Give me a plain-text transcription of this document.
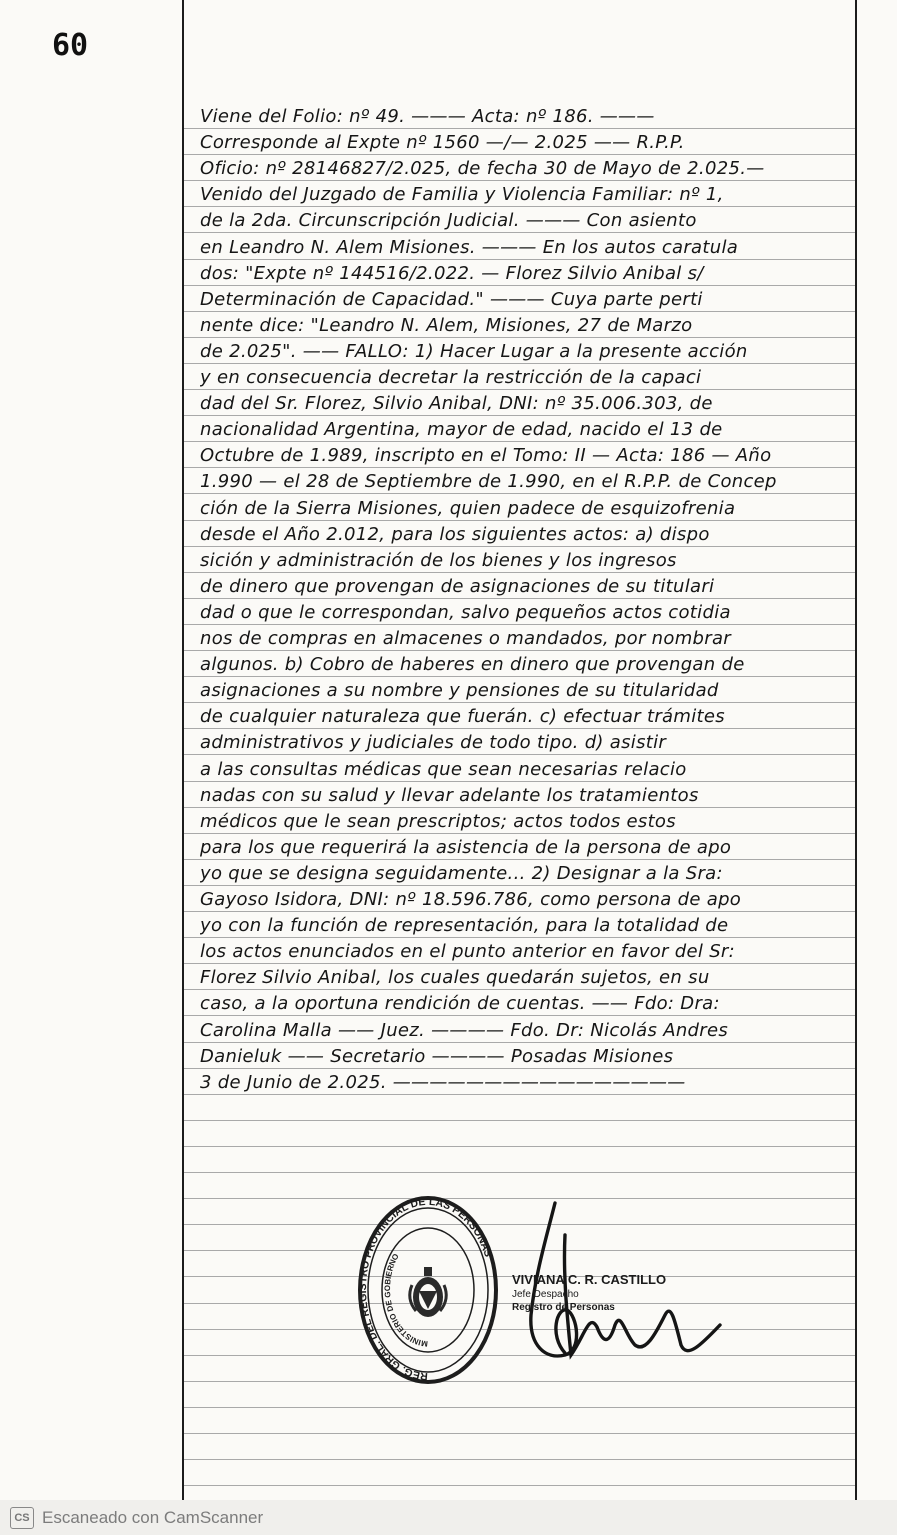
60
Viene del Folio: nº 49. ——— Acta: nº 186. ———
Corresponde al Expte nº 1560 —/— 2.025 —— R.P.P.
Oficio: nº 28146827/2.025, de fecha 30 de Mayo de 2.025.—
Venido del Juzgado de Familia y Violencia Familiar: nº 1,
de la 2da. Circunscripción Judicial. ——— Con asiento
en Leandro N. Alem Misiones. ——— En los autos caratula
dos: "Expte nº 144516/2.022. — Florez Silvio Anibal s/
Determinación de Capacidad." ——— Cuya parte perti
nente dice: "Leandro N. Alem, Misiones, 27 de Marzo
de 2.025". —— FALLO: 1) Hacer Lugar a la presente acción
y en consecuencia decretar la restricción de la capaci
dad del Sr. Florez, Silvio Anibal, DNI: nº 35.006.303, de
nacionalidad Argentina, mayor de edad, nacido el 13 de
Octubre de 1.989, inscripto en el Tomo: II — Acta: 186 — Año
1.990 — el 28 de Septiembre de 1.990, en el R.P.P. de Concep
ción de la Sierra Misiones, quien padece de esquizofrenia
desde el Año 2.012, para los siguientes actos: a) dispo
sición y administración de los bienes y los ingresos
de dinero que provengan de asignaciones de su titulari
dad o que le correspondan, salvo pequeños actos cotidia
nos de compras en almacenes o mandados, por nombrar
algunos. b) Cobro de haberes en dinero que provengan de
asignaciones a su nombre y pensiones de su titularidad
de cualquier naturaleza que fuerán. c) efectuar trámites
administrativos y judiciales de todo tipo. d) asistir
a las consultas médicas que sean necesarias relacio
nadas con su salud y llevar adelante los tratamientos
médicos que le sean prescriptos; actos todos estos
para los que requerirá la asistencia de la persona de apo
yo que se designa seguidamente... 2) Designar a la Sra:
Gayoso Isidora, DNI: nº 18.596.786, como persona de apo
yo con la función de representación, para la totalidad de
los actos enunciados en el punto anterior en favor del Sr:
Florez Silvio Anibal, los cuales quedarán sujetos, en su
caso, a la oportuna rendición de cuentas. —— Fdo: Dra:
Carolina Malla —— Juez. ———— Fdo. Dr: Nicolás Andres
Danieluk —— Secretario ———— Posadas Misiones
3 de Junio de 2.025. ————————————————
REG. GRAL. DEL REGISTRO PROVINCIAL DE LAS PERSONAS
MINISTERIO DE GOBIERNO
VIVIANA C. R. CASTILLO
Jefe Despacho
Registro de Personas
CS Escaneado con CamScanner
